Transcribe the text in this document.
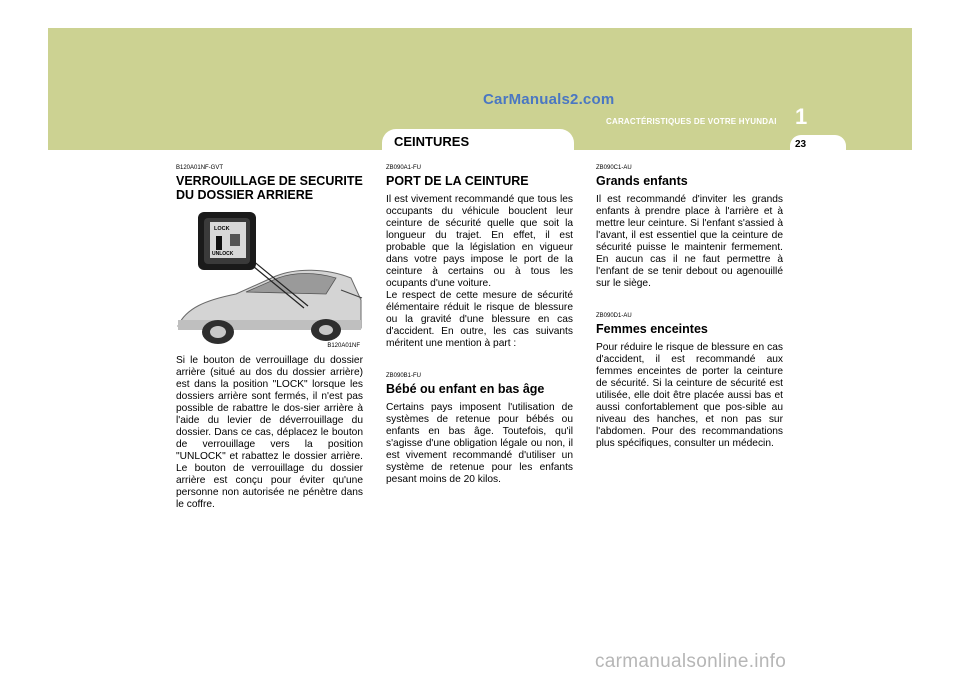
CarManuals2.com
1
CARACTÉRISTIQUES DE VOTRE HYUNDAI
CEINTURES	23

B120A01NF-GVT

VERROUILLAGE DE SECURITE DU DOSSIER ARRIERE

LOCK
UNLOCK
B120A01NF

Si le bouton de verrouillage du dossier arrière (situé au dos du dossier arrière) est dans la position "LOCK" lorsque les dossiers arrière sont fermés, il n'est pas possible de rabattre le dos-sier arrière à l'aide du levier de déverrouillage du dossier. Dans ce cas, déplacez le bouton de verrouillage vers la position "UNLOCK" et rabattez le dossier arrière. Le bouton de verrouillage du dossier arrière est conçu pour éviter qu'une personne non autorisée ne pénètre dans le coffre.

ZB090A1-FU

PORT DE LA CEINTURE

Il est vivement recommandé que tous les occupants du véhicule bouclent leur ceinture de sécurité quelle que soit la longueur du trajet. En effet, il est probable que la législation en vigueur dans votre pays impose le port de la ceinture à certains ou à tous les ocupants d'une voiture.

Le respect de cette mesure de sécurité élémentaire réduit le risque de blessure ou la gravité d'une blessure en cas d'accident. En outre, les cas suivants méritent une mention à part :

ZB090B1-FU

Bébé ou enfant en bas âge

Certains pays imposent l'utilisation de systèmes de retenue pour bébés ou enfants en bas âge. Toutefois, qu'il s'agisse d'une obligation légale ou non, il est vivement recommandé d'utiliser un système de retenue pour les enfants pesant moins de 20 kilos.

ZB090C1-AU

Grands enfants

Il est recommandé d'inviter les grands enfants à prendre place à l'arrière et à mettre leur ceinture. Si l'enfant s'assied à l'avant, il est essentiel que la ceinture de sécurité puisse le maintenir fermement. En aucun cas il ne faut permettre à l'enfant de se tenir debout ou agenouillé sur le siège.

ZB090D1-AU

Femmes enceintes

Pour réduire le risque de blessure en cas d'accident, il est recommandé aux femmes enceintes de porter la ceinture de sécurité. Si la ceinture de sécurité est utilisée, elle doit être placée aussi bas et aussi confortablement que pos-sible au niveau des hanches, et non pas sur l'abdomen. Pour des recommandations plus spécifiques, consulter un médecin.

carmanualsonline.info
